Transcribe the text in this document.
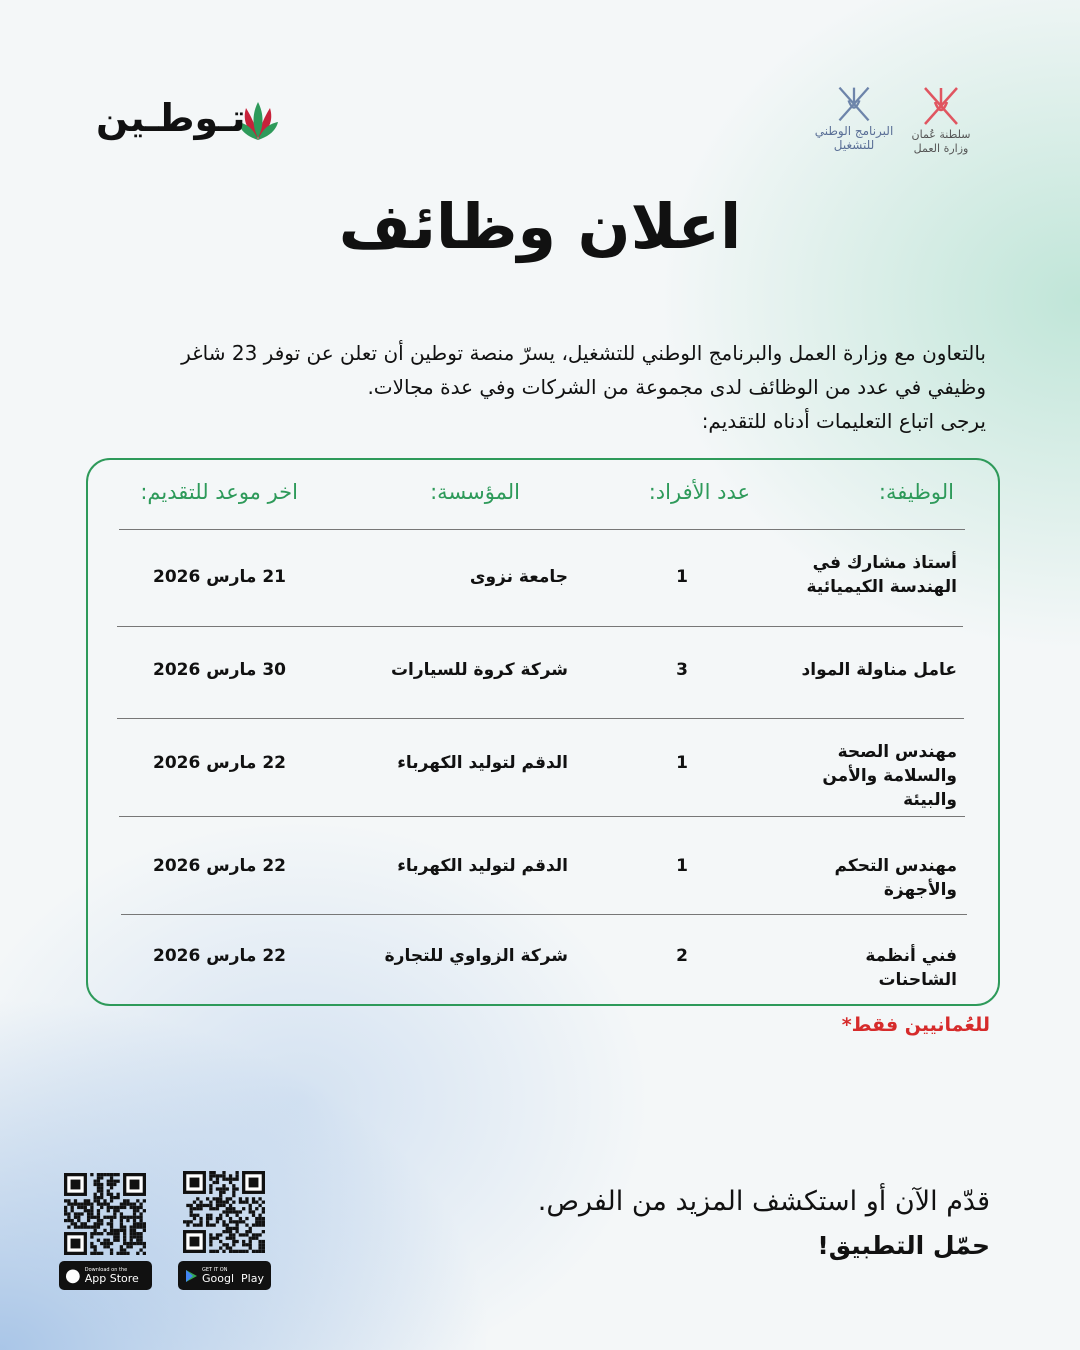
تـوطـين	سلطنة عُمان
وزارة العمل
البرنامج الوطني
للتشغيل
اعلان وظائف
بالتعاون مع وزارة العمل والبرنامج الوطني للتشغيل، يسرّ منصة توطين أن تعلن عن توفر 23 شاغر
وظيفي في عدد من الوظائف لدى مجموعة من الشركات وفي عدة مجالات.
يرجى اتباع التعليمات أدناه للتقديم:
الوظيفة:
عدد الأفراد:
المؤسسة:
اخر موعد للتقديم:
أستاذ مشارك في الهندسة الكيميائية
1
جامعة نزوى
21 مارس 2026
عامل مناولة المواد
3
شركة كروة للسيارات
30 مارس 2026
مهندس الصحة والسلامة والأمن والبيئة
1
الدقم لتوليد الكهرباء
22 مارس 2026
مهندس التحكم والأجهزة
1
الدقم لتوليد الكهرباء
22 مارس 2026
فني أنظمة الشاحنات
2
شركة الزواوي للتجارة
22 مارس 2026
للعُمانيين فقط*
قدّم الآن أو استكشف المزيد من الفرص.
حمّل التطبيق!
● Download on the
App Store
GET IT ON
Googl  Play
